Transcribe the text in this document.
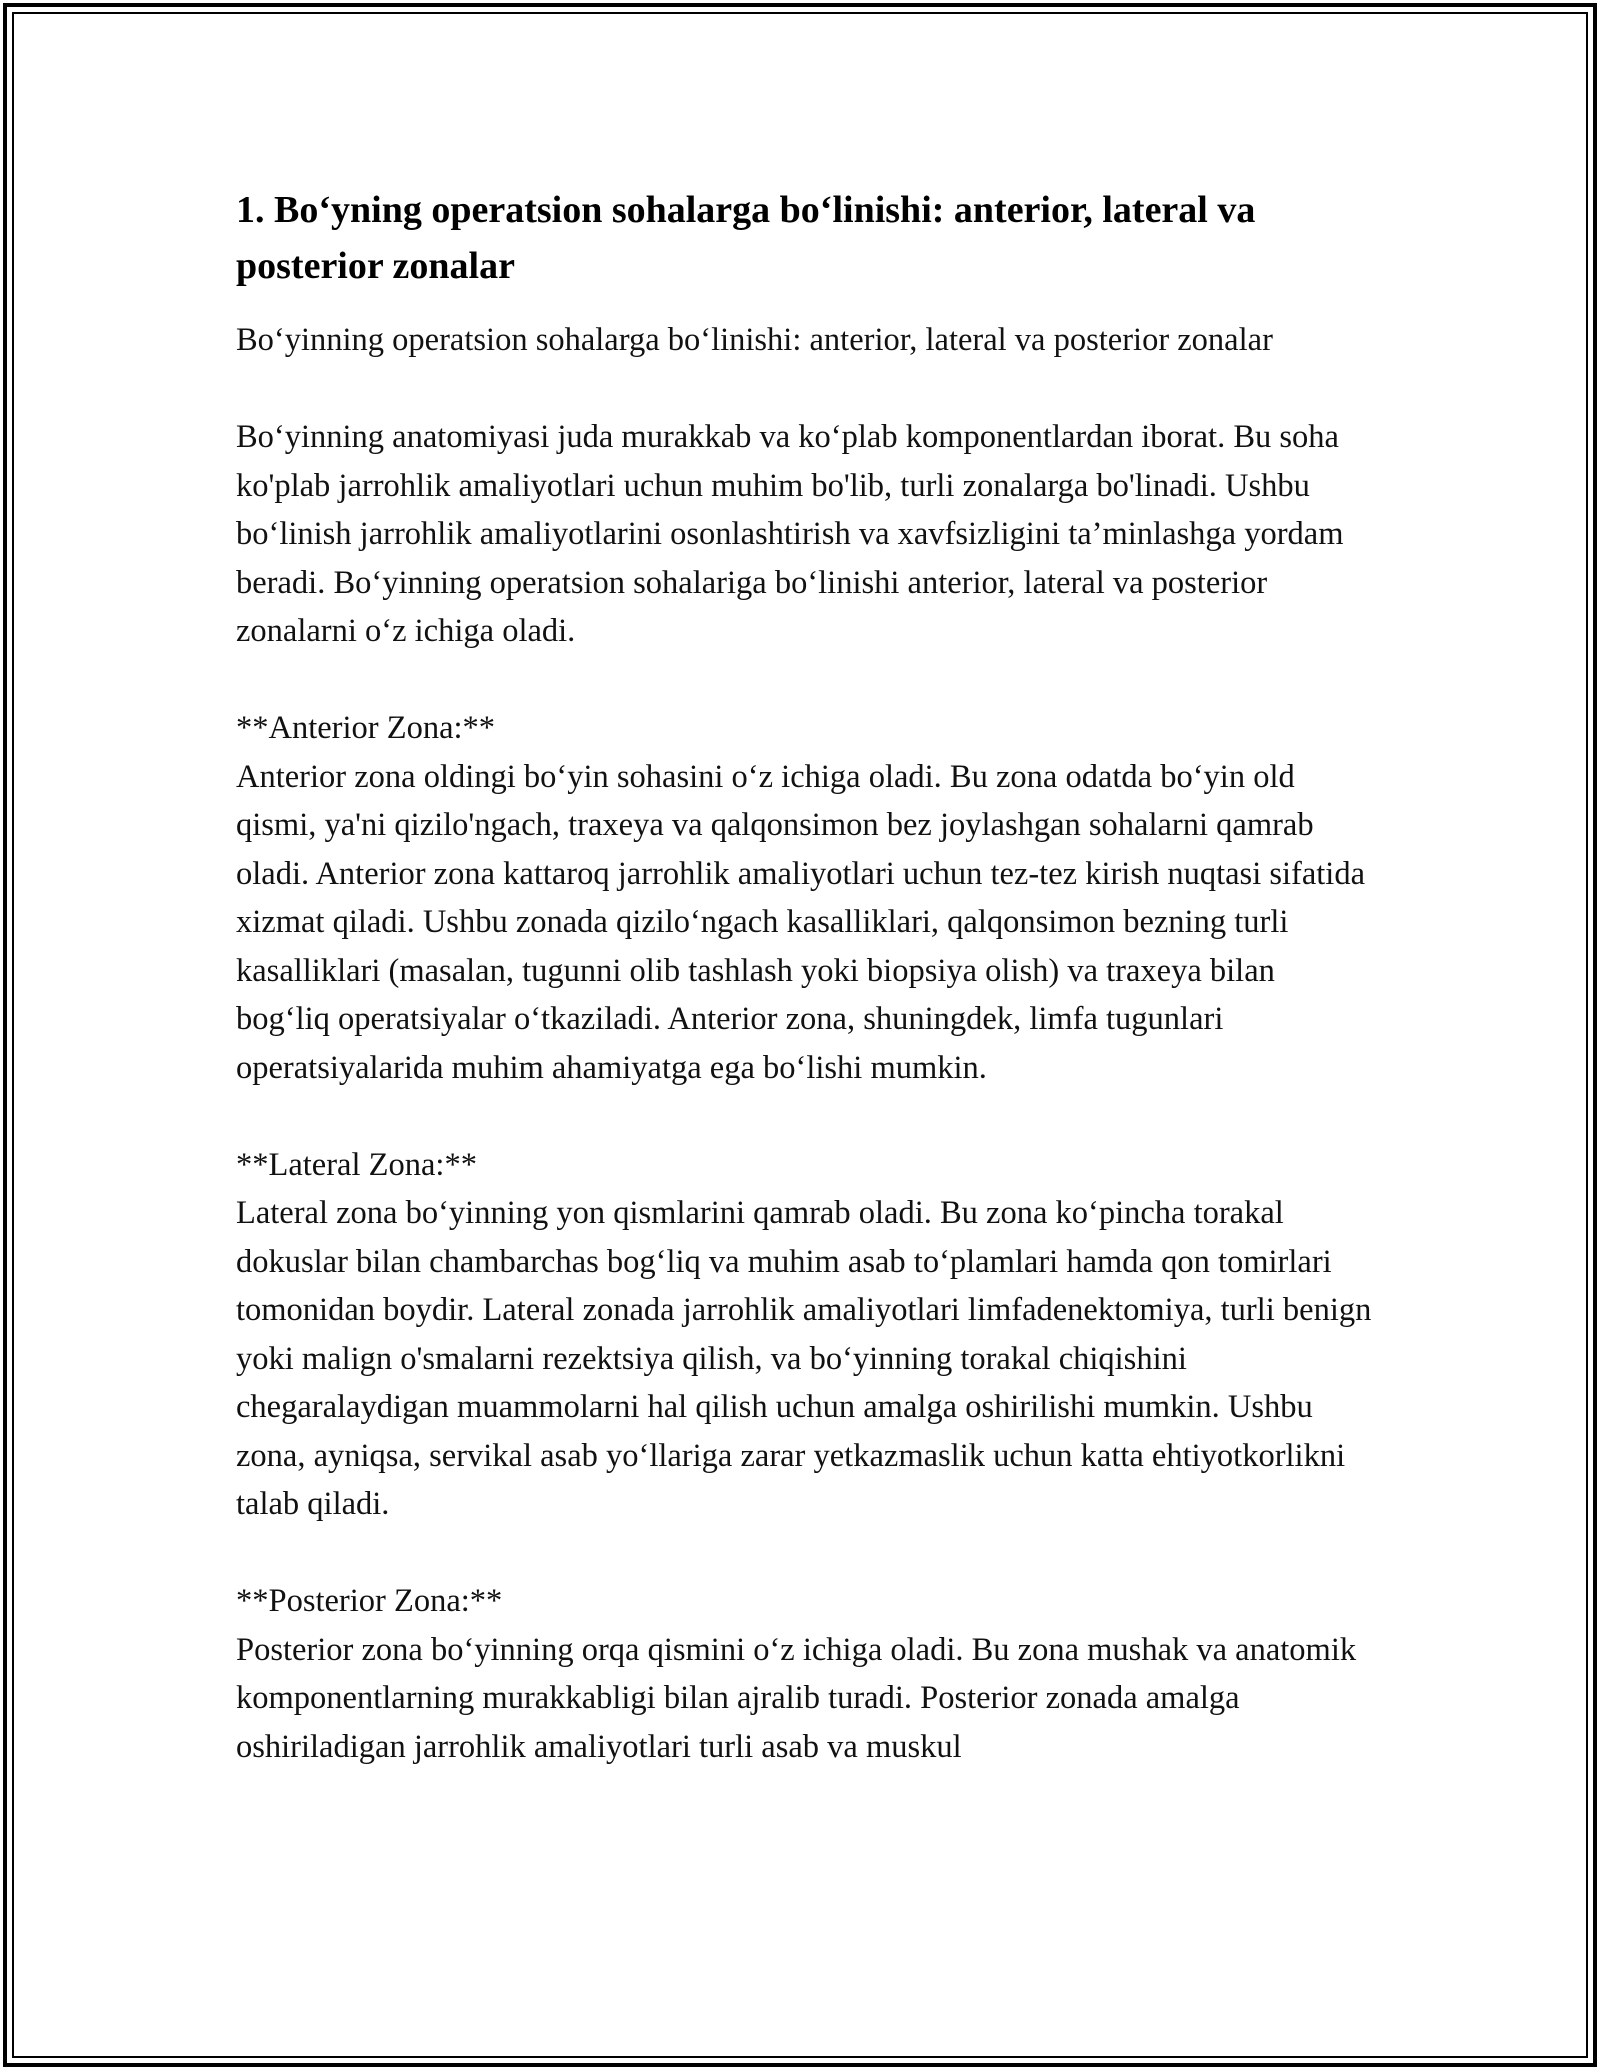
1. Bo‘yning operatsion sohalarga bo‘linishi: anterior, lateral va posterior zonalar

Bo‘yinning operatsion sohalarga bo‘linishi: anterior, lateral va posterior zonalar

Bo‘yinning anatomiyasi juda murakkab va ko‘plab komponentlardan iborat. Bu soha ko'plab jarrohlik amaliyotlari uchun muhim bo'lib, turli zonalarga bo'linadi. Ushbu bo‘linish jarrohlik amaliyotlarini osonlashtirish va xavfsizligini ta’minlashga yordam beradi. Bo‘yinning operatsion sohalariga bo‘linishi anterior, lateral va posterior zonalarni o‘z ichiga oladi.

**Anterior Zona:**
Anterior zona oldingi bo‘yin sohasini o‘z ichiga oladi. Bu zona odatda bo‘yin old qismi, ya'ni qizilo'ngach, traxeya va qalqonsimon bez joylashgan sohalarni qamrab oladi. Anterior zona kattaroq jarrohlik amaliyotlari uchun tez-tez kirish nuqtasi sifatida xizmat qiladi. Ushbu zonada qizilo‘ngach kasalliklari, qalqonsimon bezning turli kasalliklari (masalan, tugunni olib tashlash yoki biopsiya olish) va traxeya bilan bog‘liq operatsiyalar o‘tkaziladi. Anterior zona, shuningdek, limfa tugunlari operatsiyalarida muhim ahamiyatga ega bo‘lishi mumkin.
**Lateral Zona:**
Lateral zona bo‘yinning yon qismlarini qamrab oladi. Bu zona ko‘pincha torakal dokuslar bilan chambarchas bog‘liq va muhim asab to‘plamlari hamda qon tomirlari tomonidan boydir. Lateral zonada jarrohlik amaliyotlari limfadenektomiya, turli benign yoki malign o'smalarni rezektsiya qilish, va bo‘yinning torakal chiqishini chegaralaydigan muammolarni hal qilish uchun amalga oshirilishi mumkin. Ushbu zona, ayniqsa, servikal asab yo‘llariga zarar yetkazmaslik uchun katta ehtiyotkorlikni talab qiladi.
**Posterior Zona:**
Posterior zona bo‘yinning orqa qismini o‘z ichiga oladi. Bu zona mushak va anatomik komponentlarning murakkabligi bilan ajralib turadi. Posterior zonada amalga oshiriladigan jarrohlik amaliyotlari turli asab va muskul
